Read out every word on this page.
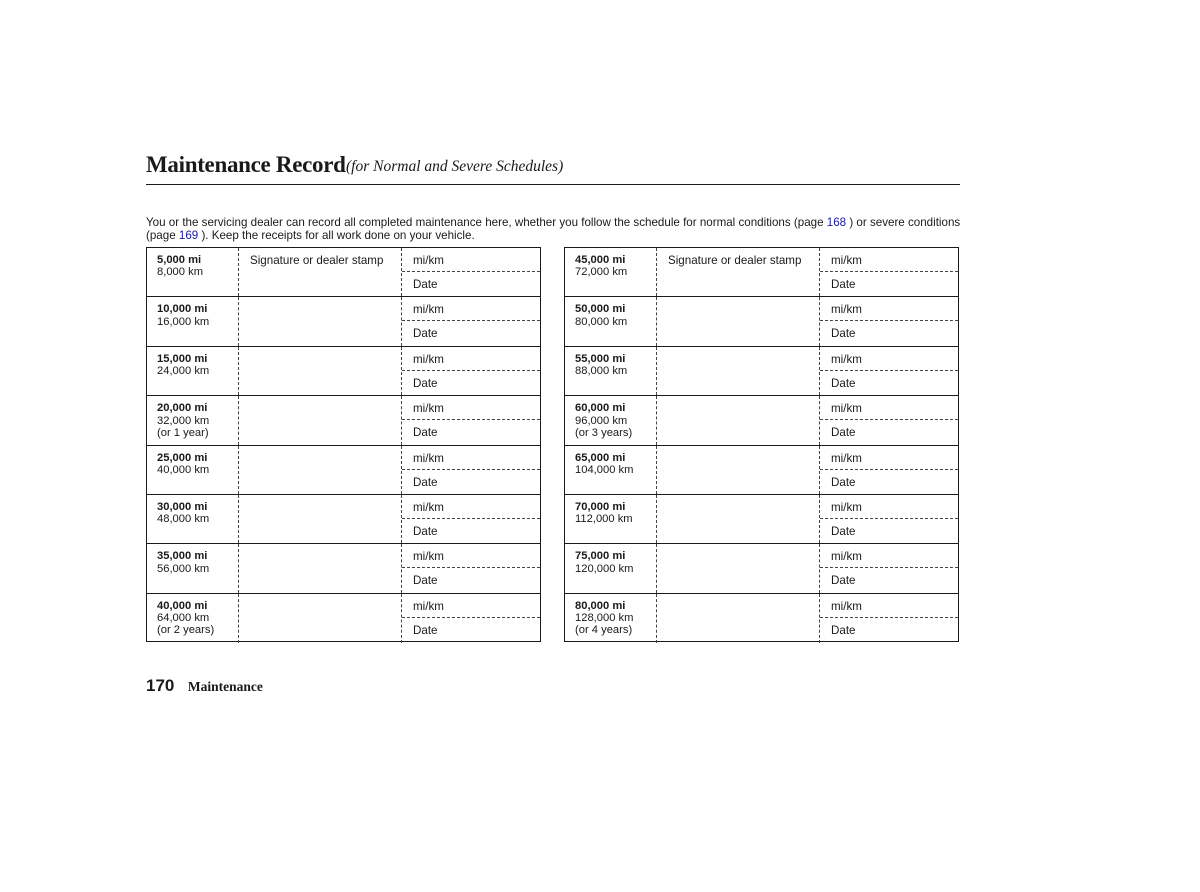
Maintenance Record (for Normal and Severe Schedules)
You or the servicing dealer can record all completed maintenance here, whether you follow the schedule for normal conditions (page 168 ) or severe conditions (page 169 ). Keep the receipts for all work done on your vehicle.
5,000 mi
8,000 km
Signature or dealer stamp	mi/km
Date
10,000 mi
16,000 km
mi/km
Date
15,000 mi
24,000 km
mi/km
Date
20,000 mi
32,000 km
(or 1 year)
mi/km
Date
25,000 mi
40,000 km
mi/km
Date
30,000 mi
48,000 km
mi/km
Date
35,000 mi
56,000 km
mi/km
Date
40,000 mi
64,000 km
(or 2 years)
mi/km
Date
45,000 mi
72,000 km
Signature or dealer stamp	mi/km
Date
50,000 mi
80,000 km
mi/km
Date
55,000 mi
88,000 km
mi/km
Date
60,000 mi
96,000 km
(or 3 years)
mi/km
Date
65,000 mi
104,000 km
mi/km
Date
70,000 mi
112,000 km
mi/km
Date
75,000 mi
120,000 km
mi/km
Date
80,000 mi
128,000 km
(or 4 years)
mi/km
Date
170 Maintenance
